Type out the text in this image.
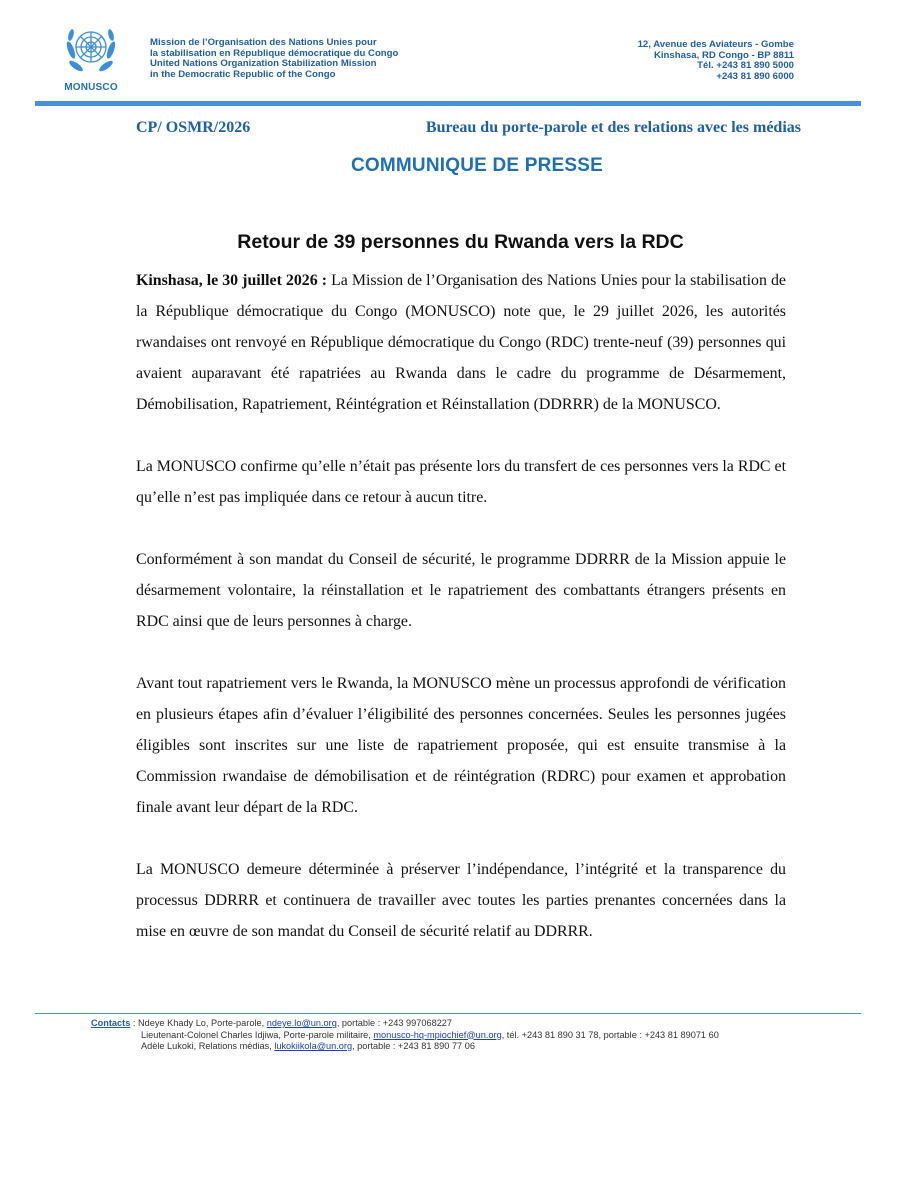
MONUSCO
Mission de l’Organisation des Nations Unies pour
la stabilisation en République démocratique du Congo
United Nations Organization Stabilization Mission
in the Democratic Republic of the Congo
12, Avenue des Aviateurs - Gombe
Kinshasa, RD Congo - BP 8811
Tél. +243 81 890 5000
+243 81 890 6000
CP/ OSMR/2026	Bureau du porte-parole et des relations avec les médias
COMMUNIQUE DE PRESSE
Retour de 39 personnes du Rwanda vers la RDC

Kinshasa, le 30 juillet 2026 : La Mission de l’Organisation des Nations Unies pour la stabilisation de la République démocratique du Congo (MONUSCO) note que, le 29 juillet 2026, les autorités rwandaises ont renvoyé en République démocratique du Congo (RDC) trente-neuf (39) personnes qui avaient auparavant été rapatriées au Rwanda dans le cadre du programme de Désarmement, Démobilisation, Rapatriement, Réintégration et Réinstallation (DDRRR) de la MONUSCO.

La MONUSCO confirme qu’elle n’était pas présente lors du transfert de ces personnes vers la RDC et qu’elle n’est pas impliquée dans ce retour à aucun titre.

Conformément à son mandat du Conseil de sécurité, le programme DDRRR de la Mission appuie le désarmement volontaire, la réinstallation et le rapatriement des combattants étrangers présents en RDC ainsi que de leurs personnes à charge.

Avant tout rapatriement vers le Rwanda, la MONUSCO mène un processus approfondi de vérification en plusieurs étapes afin d’évaluer l’éligibilité des personnes concernées. Seules les personnes jugées éligibles sont inscrites sur une liste de rapatriement proposée, qui est ensuite transmise à la Commission rwandaise de démobilisation et de réintégration (RDRC) pour examen et approbation finale avant leur départ de la RDC.

La MONUSCO demeure déterminée à préserver l’indépendance, l’intégrité et la transparence du processus DDRRR et continuera de travailler avec toutes les parties prenantes concernées dans la mise en œuvre de son mandat du Conseil de sécurité relatif au DDRRR.

Contacts : Ndeye Khady Lo, Porte-parole, ndeye.lo@un.org, portable : +243 997068227
Lieutenant-Colonel Charles Idjiwa, Porte-parole militaire, monusco-hq-mpiochief@un.org, tél. +243 81 890 31 78, portable : +243 81 89071 60
Adèle Lukoki, Relations médias, lukokiikola@un.org, portable : +243 81 890 77 06
